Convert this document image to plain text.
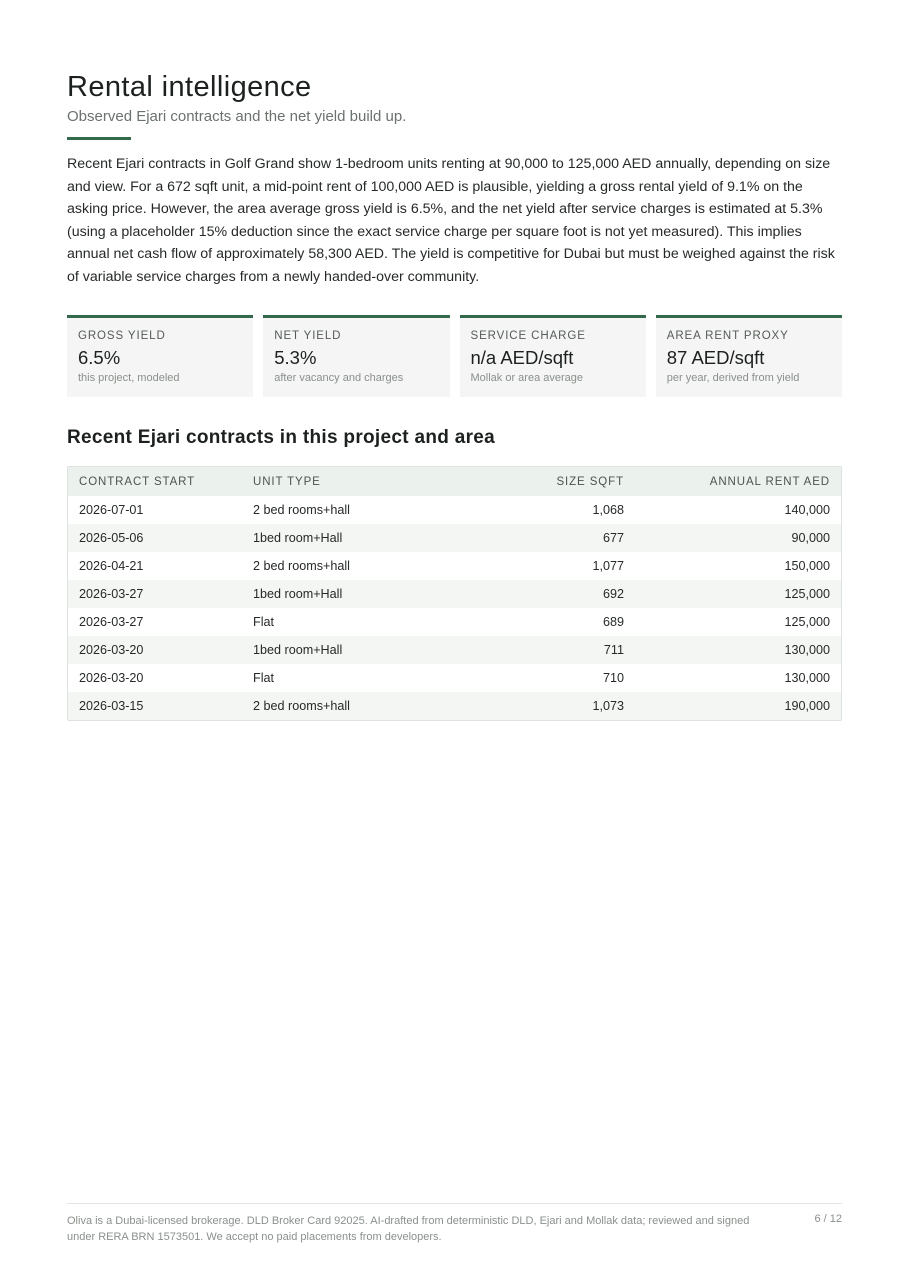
Rental intelligence
Observed Ejari contracts and the net yield build up.

Recent Ejari contracts in Golf Grand show 1-bedroom units renting at 90,000 to 125,000 AED annually, depending on size and view. For a 672 sqft unit, a mid-point rent of 100,000 AED is plausible, yielding a gross rental yield of 9.1% on the asking price. However, the area average gross yield is 6.5%, and the net yield after service charges is estimated at 5.3% (using a placeholder 15% deduction since the exact service charge per square foot is not yet measured). This implies annual net cash flow of approximately 58,300 AED. The yield is competitive for Dubai but must be weighed against the risk of variable service charges from a newly handed-over community.

GROSS YIELD
6.5%
this project, modeled
NET YIELD
5.3%
after vacancy and charges
SERVICE CHARGE
n/a AED/sqft
Mollak or area average
AREA RENT PROXY
87 AED/sqft
per year, derived from yield
Recent Ejari contracts in this project and area
CONTRACT START	UNIT TYPE	SIZE SQFT	ANNUAL RENT AED
2026-07-01	2 bed rooms+hall	1,068	140,000
2026-05-06	1bed room+Hall	677	90,000
2026-04-21	2 bed rooms+hall	1,077	150,000
2026-03-27	1bed room+Hall	692	125,000
2026-03-27	Flat	689	125,000
2026-03-20	1bed room+Hall	711	130,000
2026-03-20	Flat	710	130,000
2026-03-15	2 bed rooms+hall	1,073	190,000
Oliva is a Dubai-licensed brokerage. DLD Broker Card 92025. AI-drafted from deterministic DLD, Ejari and Mollak data; reviewed and signed under RERA BRN 1573501. We accept no paid placements from developers.
6 / 12
